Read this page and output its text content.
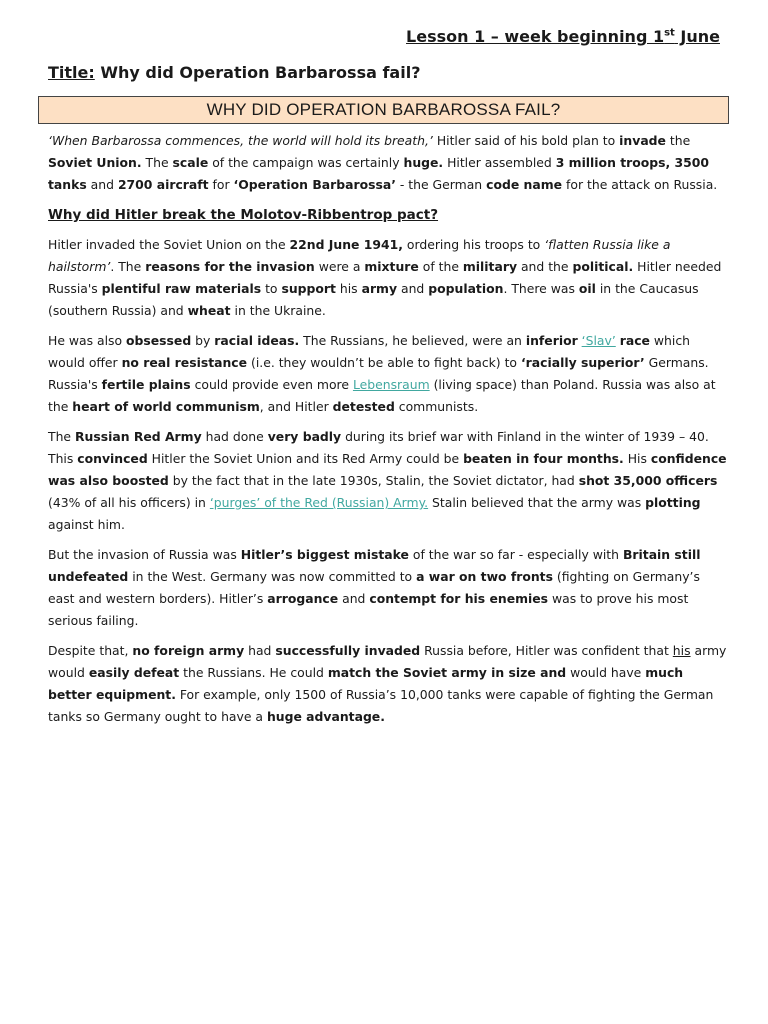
Lesson 1 – week beginning 1st June
Title: Why did Operation Barbarossa fail?
WHY DID OPERATION BARBAROSSA FAIL?

‘When Barbarossa commences, the world will hold its breath,’ Hitler said of his bold plan to invade the Soviet Union. The scale of the campaign was certainly huge. Hitler assembled 3 million troops, 3500 tanks and 2700 aircraft for ‘Operation Barbarossa’ - the German code name for the attack on Russia.

Why did Hitler break the Molotov-Ribbentrop pact?

Hitler invaded the Soviet Union on the 22nd June 1941, ordering his troops to ‘flatten Russia like a hailstorm’. The reasons for the invasion were a mixture of the military and the political. Hitler needed Russia's plentiful raw materials to support his army and population. There was oil in the Caucasus (southern Russia) and wheat in the Ukraine.

He was also obsessed by racial ideas. The Russians, he believed, were an inferior ‘Slav’ race which would offer no real resistance (i.e. they wouldn’t be able to fight back) to ‘racially superior’ Germans. Russia's fertile plains could provide even more Lebensraum (living space) than Poland. Russia was also at the heart of world communism, and Hitler detested communists.

The Russian Red Army had done very badly during its brief war with Finland in the winter of 1939 – 40. This convinced Hitler the Soviet Union and its Red Army could be beaten in four months. His confidence was also boosted by the fact that in the late 1930s, Stalin, the Soviet dictator, had shot 35,000 officers (43% of all his officers) in ‘purges’ of the Red (Russian) Army. Stalin believed that the army was plotting against him.

But the invasion of Russia was Hitler’s biggest mistake of the war so far - especially with Britain still undefeated in the West. Germany was now committed to a war on two fronts (fighting on Germany’s east and western borders). Hitler’s arrogance and contempt for his enemies was to prove his most serious failing.

Despite that, no foreign army had successfully invaded Russia before, Hitler was confident that his army would easily defeat the Russians. He could match the Soviet army in size and would have much better equipment. For example, only 1500 of Russia’s 10,000 tanks were capable of fighting the German tanks so Germany ought to have a huge advantage.
